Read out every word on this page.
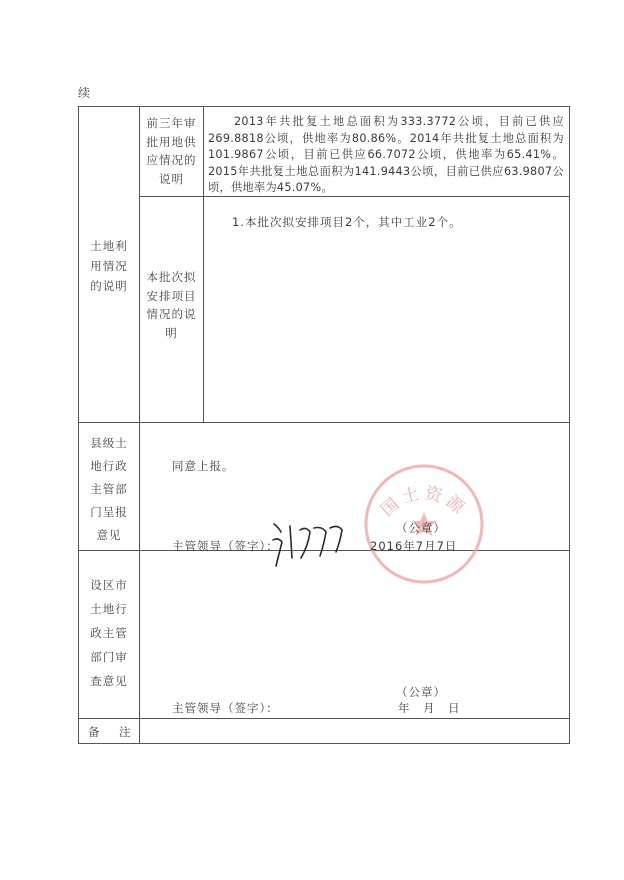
续
土地利
用情况
的说明
前三年审
批用地供
应情况的
说明
2013年共批复土地总面积为333.3772公顷，目前已供应269.8818公顷，供地率为80.86%。2014年共批复土地总面积为101.9867公顷，目前已供应66.7072公顷，供地率为65.41%。2015年共批复土地总面积为141.9443公顷，目前已供应63.9807公顷，供地率为45.07%。
本批次拟
安排项目
情况的说
明
1.本批次拟安排项目2个，其中工业2个。
县级土
地行政
主管部
门呈报
意见
同意上报。
国土资源
（公章）
主管领导（签字）：	2016年7月7日
设区市
土地行
政主管
部门审
查意见
（公章）
主管领导（签字）：	年　月　日
备　注
